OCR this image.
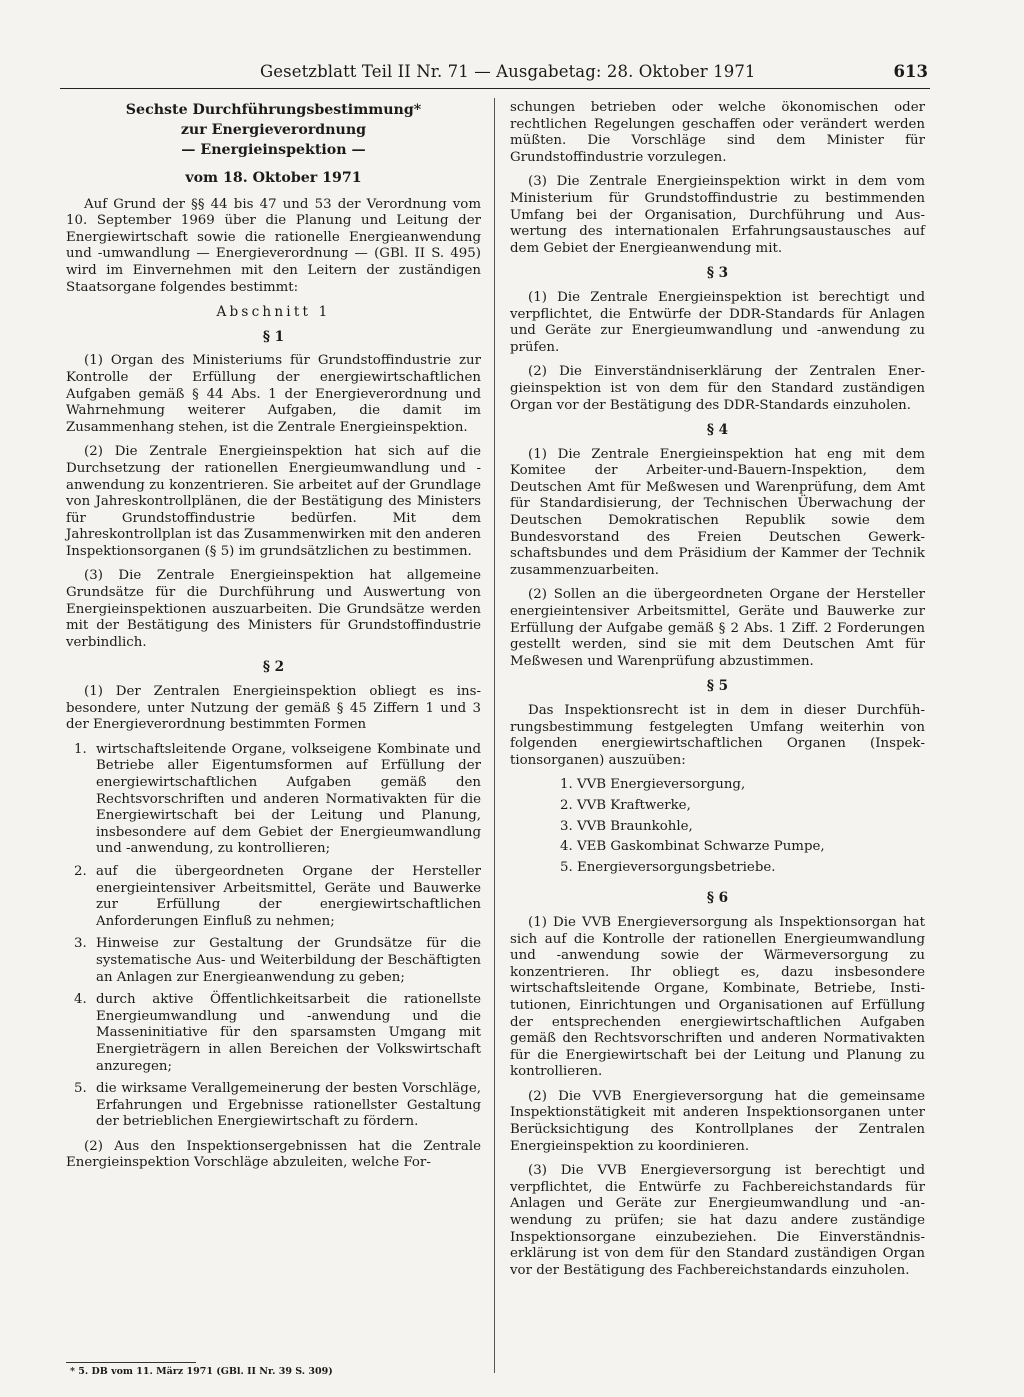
Gesetzblatt Teil II Nr. 71 — Ausgabetag: 28. Oktober 1971	613

Sechste Durchführungsbestimmung*

zur Energieverordnung

— Energieinspektion —

vom 18. Oktober 1971

Auf Grund der §§ 44 bis 47 und 53 der Verordnung vom 10. September 1969 über die Planung und Leitung der Energiewirtschaft sowie die rationelle Energieanwendung und -umwandlung — Energieverordnung — (GBl. II S. 495) wird im Einvernehmen mit den Leitern der zuständigen Staatsorgane folgendes bestimmt:

Abschnitt 1

§ 1

(1) Organ des Ministeriums für Grundstoffindustrie zur Kontrolle der Erfüllung der energiewirtschaftlichen Aufgaben gemäß § 44 Abs. 1 der Energieverordnung und Wahrnehmung weiterer Aufgaben, die damit im Zusammenhang stehen, ist die Zentrale Energieinspektion.

(2) Die Zentrale Energieinspektion hat sich auf die Durchsetzung der rationellen Energieumwandlung und -anwendung zu konzentrieren. Sie arbeitet auf der Grundlage von Jahreskontrollplänen, die der Bestätigung des Ministers für Grundstoffindustrie bedürfen. Mit dem Jahreskontrollplan ist das Zusammenwirken mit den anderen Inspektionsorganen (§ 5) im grundsätzlichen zu bestimmen.

(3) Die Zentrale Energieinspektion hat allgemeine Grundsätze für die Durchführung und Auswertung von Energieinspektionen auszuarbeiten. Die Grundsätze werden mit der Bestätigung des Ministers für Grundstoffindustrie verbindlich.

§ 2

(1) Der Zentralen Energieinspektion obliegt es insbesondere, unter Nutzung der gemäß § 45 Ziffern 1 und 3 der Energieverordnung bestimmten Formen

1. wirtschaftsleitende Organe, volkseigene Kombinate und Betriebe aller Eigentumsformen auf Erfüllung der energiewirtschaftlichen Aufgaben gemäß den Rechtsvorschriften und anderen Normativakten für die Energiewirtschaft bei der Leitung und Planung, insbesondere auf dem Gebiet der Energieumwandlung und -anwendung, zu kontrollieren;
2. auf die übergeordneten Organe der Hersteller energieintensiver Arbeitsmittel, Geräte und Bauwerke zur Erfüllung der energiewirtschaftlichen Anforderungen Einfluß zu nehmen;
3. Hinweise zur Gestaltung der Grundsätze für die systematische Aus- und Weiterbildung der Beschäftigten an Anlagen zur Energieanwendung zu geben;
4. durch aktive Öffentlichkeitsarbeit die rationellste Energieumwandlung und -anwendung und die Masseninitiative für den sparsamsten Umgang mit Energieträgern in allen Bereichen der Volkswirtschaft anzuregen;
5. die wirksame Verallgemeinerung der besten Vorschläge, Erfahrungen und Ergebnisse rationellster Gestaltung der betrieblichen Energiewirtschaft zu fördern.

(2) Aus den Inspektionsergebnissen hat die Zentrale Energieinspektion Vorschläge abzuleiten, welche For-

* 5. DB vom 11. März 1971 (GBl. II Nr. 39 S. 309)

schungen betrieben oder welche ökonomischen oder rechtlichen Regelungen geschaffen oder verändert werden müßten. Die Vorschläge sind dem Minister für Grundstoffindustrie vorzulegen.

(3) Die Zentrale Energieinspektion wirkt in dem vom Ministerium für Grundstoffindustrie zu bestimmenden Umfang bei der Organisation, Durchführung und Auswertung des internationalen Erfahrungsaustausches auf dem Gebiet der Energieanwendung mit.

§ 3

(1) Die Zentrale Energieinspektion ist berechtigt und verpflichtet, die Entwürfe der DDR-Standards für Anlagen und Geräte zur Energieumwandlung und -anwendung zu prüfen.

(2) Die Einverständniserklärung der Zentralen Energieinspektion ist von dem für den Standard zuständigen Organ vor der Bestätigung des DDR-Standards einzuholen.

§ 4

(1) Die Zentrale Energieinspektion hat eng mit dem Komitee der Arbeiter-und-Bauern-Inspektion, dem Deutschen Amt für Meßwesen und Warenprüfung, dem Amt für Standardisierung, der Technischen Überwachung der Deutschen Demokratischen Republik sowie dem Bundesvorstand des Freien Deutschen Gewerkschaftsbundes und dem Präsidium der Kammer der Technik zusammenzuarbeiten.

(2) Sollen an die übergeordneten Organe der Hersteller energieintensiver Arbeitsmittel, Geräte und Bauwerke zur Erfüllung der Aufgabe gemäß § 2 Abs. 1 Ziff. 2 Forderungen gestellt werden, sind sie mit dem Deutschen Amt für Meßwesen und Warenprüfung abzustimmen.

§ 5

Das Inspektionsrecht ist in dem in dieser Durchführungsbestimmung festgelegten Umfang weiterhin von folgenden energiewirtschaftlichen Organen (Inspektionsorganen) auszuüben:

1. VVB Energieversorgung,
2. VVB Kraftwerke,
3. VVB Braunkohle,
4. VEB Gaskombinat Schwarze Pumpe,
5. Energieversorgungsbetriebe.

§ 6

(1) Die VVB Energieversorgung als Inspektionsorgan hat sich auf die Kontrolle der rationellen Energieumwandlung und -anwendung sowie der Wärmeversorgung zu konzentrieren. Ihr obliegt es, dazu insbesondere wirtschaftsleitende Organe, Kombinate, Betriebe, Institutionen, Einrichtungen und Organisationen auf Erfüllung der entsprechenden energiewirtschaftlichen Aufgaben gemäß den Rechtsvorschriften und anderen Normativakten für die Energiewirtschaft bei der Leitung und Planung zu kontrollieren.

(2) Die VVB Energieversorgung hat die gemeinsame Inspektionstätigkeit mit anderen Inspektionsorganen unter Berücksichtigung des Kontrollplanes der Zentralen Energieinspektion zu koordinieren.

(3) Die VVB Energieversorgung ist berechtigt und verpflichtet, die Entwürfe zu Fachbereichstandards für Anlagen und Geräte zur Energieumwandlung und -anwendung zu prüfen; sie hat dazu andere zuständige Inspektionsorgane einzubeziehen. Die Einverständniserklärung ist von dem für den Standard zuständigen Organ vor der Bestätigung des Fachbereichstandards einzuholen.
